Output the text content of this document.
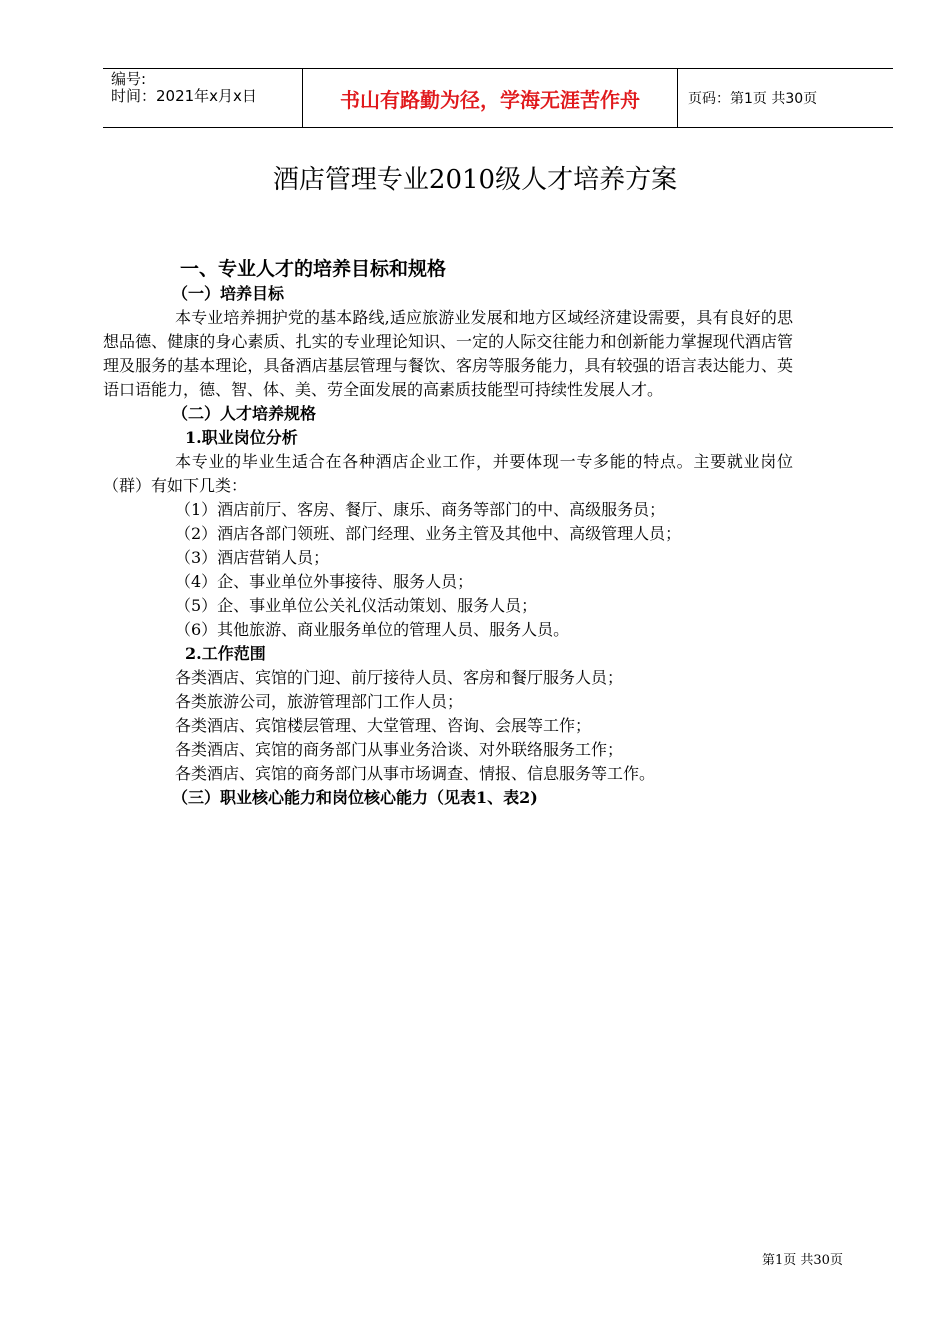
编号:
时间：2021年x月x日	书山有路勤为径，学海无涯苦作舟	页码：第1页 共30页
酒店管理专业2010级人才培养方案
一、专业人才的培养目标和规格
（一）培养目标
本专业培养拥护党的基本路线,适应旅游业发展和地方区域经济建设需要，具有良好的思想品德、健康的身心素质、扎实的专业理论知识、一定的人际交往能力和创新能力掌握现代酒店管理及服务的基本理论，具备酒店基层管理与餐饮、客房等服务能力，具有较强的语言表达能力、英语口语能力，德、智、体、美、劳全面发展的高素质技能型可持续性发展人才。
（二）人才培养规格
1.职业岗位分析
本专业的毕业生适合在各种酒店企业工作，并要体现一专多能的特点。主要就业岗位（群）有如下几类：
（1）酒店前厅、客房、餐厅、康乐、商务等部门的中、高级服务员；
（2）酒店各部门领班、部门经理、业务主管及其他中、高级管理人员；
（3）酒店营销人员；
（4）企、事业单位外事接待、服务人员；
（5）企、事业单位公关礼仪活动策划、服务人员；
（6）其他旅游、商业服务单位的管理人员、服务人员。
2.工作范围
各类酒店、宾馆的门迎、前厅接待人员、客房和餐厅服务人员；
各类旅游公司，旅游管理部门工作人员；
各类酒店、宾馆楼层管理、大堂管理、咨询、会展等工作；
各类酒店、宾馆的商务部门从事业务洽谈、对外联络服务工作；
各类酒店、宾馆的商务部门从事市场调查、情报、信息服务等工作。
（三）职业核心能力和岗位核心能力（见表1、表2)
第1页 共30页
